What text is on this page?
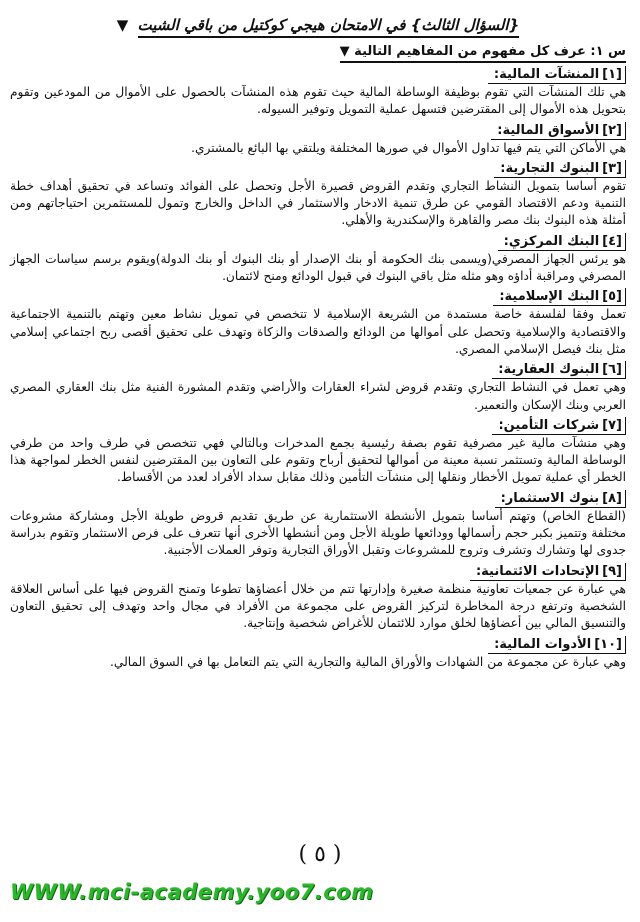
{السؤال الثالث} في الامتحان هيجي كوكتيل من باقي الشيت ▼
س ١: عرف كل مفهوم من المفاهيم التالية ▼
[١]المنشآت المالية:

هي تلك المنشآت التي تقوم بوظيفة الوساطة المالية حيث تقوم هذه المنشآت بالحصول على الأموال من المودعين وتقوم بتحويل هذه الأموال إلى المقترضين فتسهل عملية التمويل وتوفير السيوله.

[٢]الأسواق المالية:

هي الأماكن التي يتم فيها تداول الأموال في صورها المختلفة ويلتقي بها البائع بالمشتري.

[٣]البنوك التجارية:

تقوم أساسا بتمويل النشاط التجاري وتقدم القروض قصيرة الأجل وتحصل على الفوائد وتساعد في تحقيق أهداف خطة التنمية ودعم الاقتصاد القومي عن طرق تنمية الادخار والاستثمار في الداخل والخارج وتمول للمستثمرين احتياجاتهم ومن أمثلة هذه البنوك بنك مصر والقاهرة والإسكندرية والأهلي.

[٤]البنك المركزي:

هو يرئس الجهاز المصرفي(ويسمى بنك الحكومة أو بنك الإصدار أو بنك البنوك أو بنك الدولة)ويقوم برسم سياسات الجهاز المصرفي ومراقبة أداؤه وهو مثله مثل باقي البنوك في قبول الودائع ومنح لائتمان.

[٥]البنك الإسلامية:

تعمل وفقا لفلسفة خاصة مستمدة من الشريعة الإسلامية لا تتخصص في تمويل نشاط معين وتهتم بالتنمية الاجتماعية والاقتصادية والإسلامية وتحصل على أموالها من الودائع والصدقات والزكاة وتهدف على تحقيق أقصى ربح اجتماعي إسلامي مثل بنك فيصل الإسلامي المصري.

[٦]البنوك العقارية:

وهي تعمل في النشاط التجاري وتقدم قروض لشراء العقارات والأراضي وتقدم المشورة الفنية مثل بنك العقاري المصري العربي وبنك الإسكان والتعمير.

[٧]شركات التأمين:

وهي منشآت مالية غير مصرفية تقوم بصفة رئيسية بجمع المدخرات وبالتالي فهي تتخصص في طرف واحد من طرفي الوساطة المالية وتستثمر نسبة معينة من أموالها لتحقيق أرباح وتقوم على التعاون بين المقترضين لنفس الخطر لمواجهة هذا الخطر أي عملية تمويل الأخطار ونقلها إلى منشآت التأمين وذلك مقابل سداد الأفراد لعدد من الأقساط.

[٨]بنوك الاستثمار:

(القطاع الخاص) وتهتم أساسا بتمويل الأنشطة الاستثمارية عن طريق تقديم قروض طويلة الأجل ومشاركة مشروعات مختلفة وتتميز بكبر حجم رأسمالها وودائعها طويلة الأجل ومن أنشطها الأخرى أنها تتعرف على فرص الاستثمار وتقوم بدراسة جدوى لها وتشارك وتشرف وتروج للمشروعات وتقبل الأوراق التجارية وتوفر العملات الأجنبية.

[٩]الإتحادات الائتمانية:

هي عبارة عن جمعيات تعاونية منظمة صغيرة وإدارتها تتم من خلال أعضاؤها تطوعا وتمنح القروض فيها على أساس العلاقة الشخصية وترتفع درجة المخاطرة لتركيز القروض على مجموعة من الأفراد في مجال واحد وتهدف إلى تحقيق التعاون والتنسيق المالي بين أعضاؤها لخلق موارد للائتمان للأغراض شخصية وإنتاجية.

[١٠]الأدوات المالية:

وهي عبارة عن مجموعة من الشهادات والأوراق المالية والتجارية التي يتم التعامل بها في السوق المالي.

( ٥ )
WWW.mci-academy.yoo7.com
